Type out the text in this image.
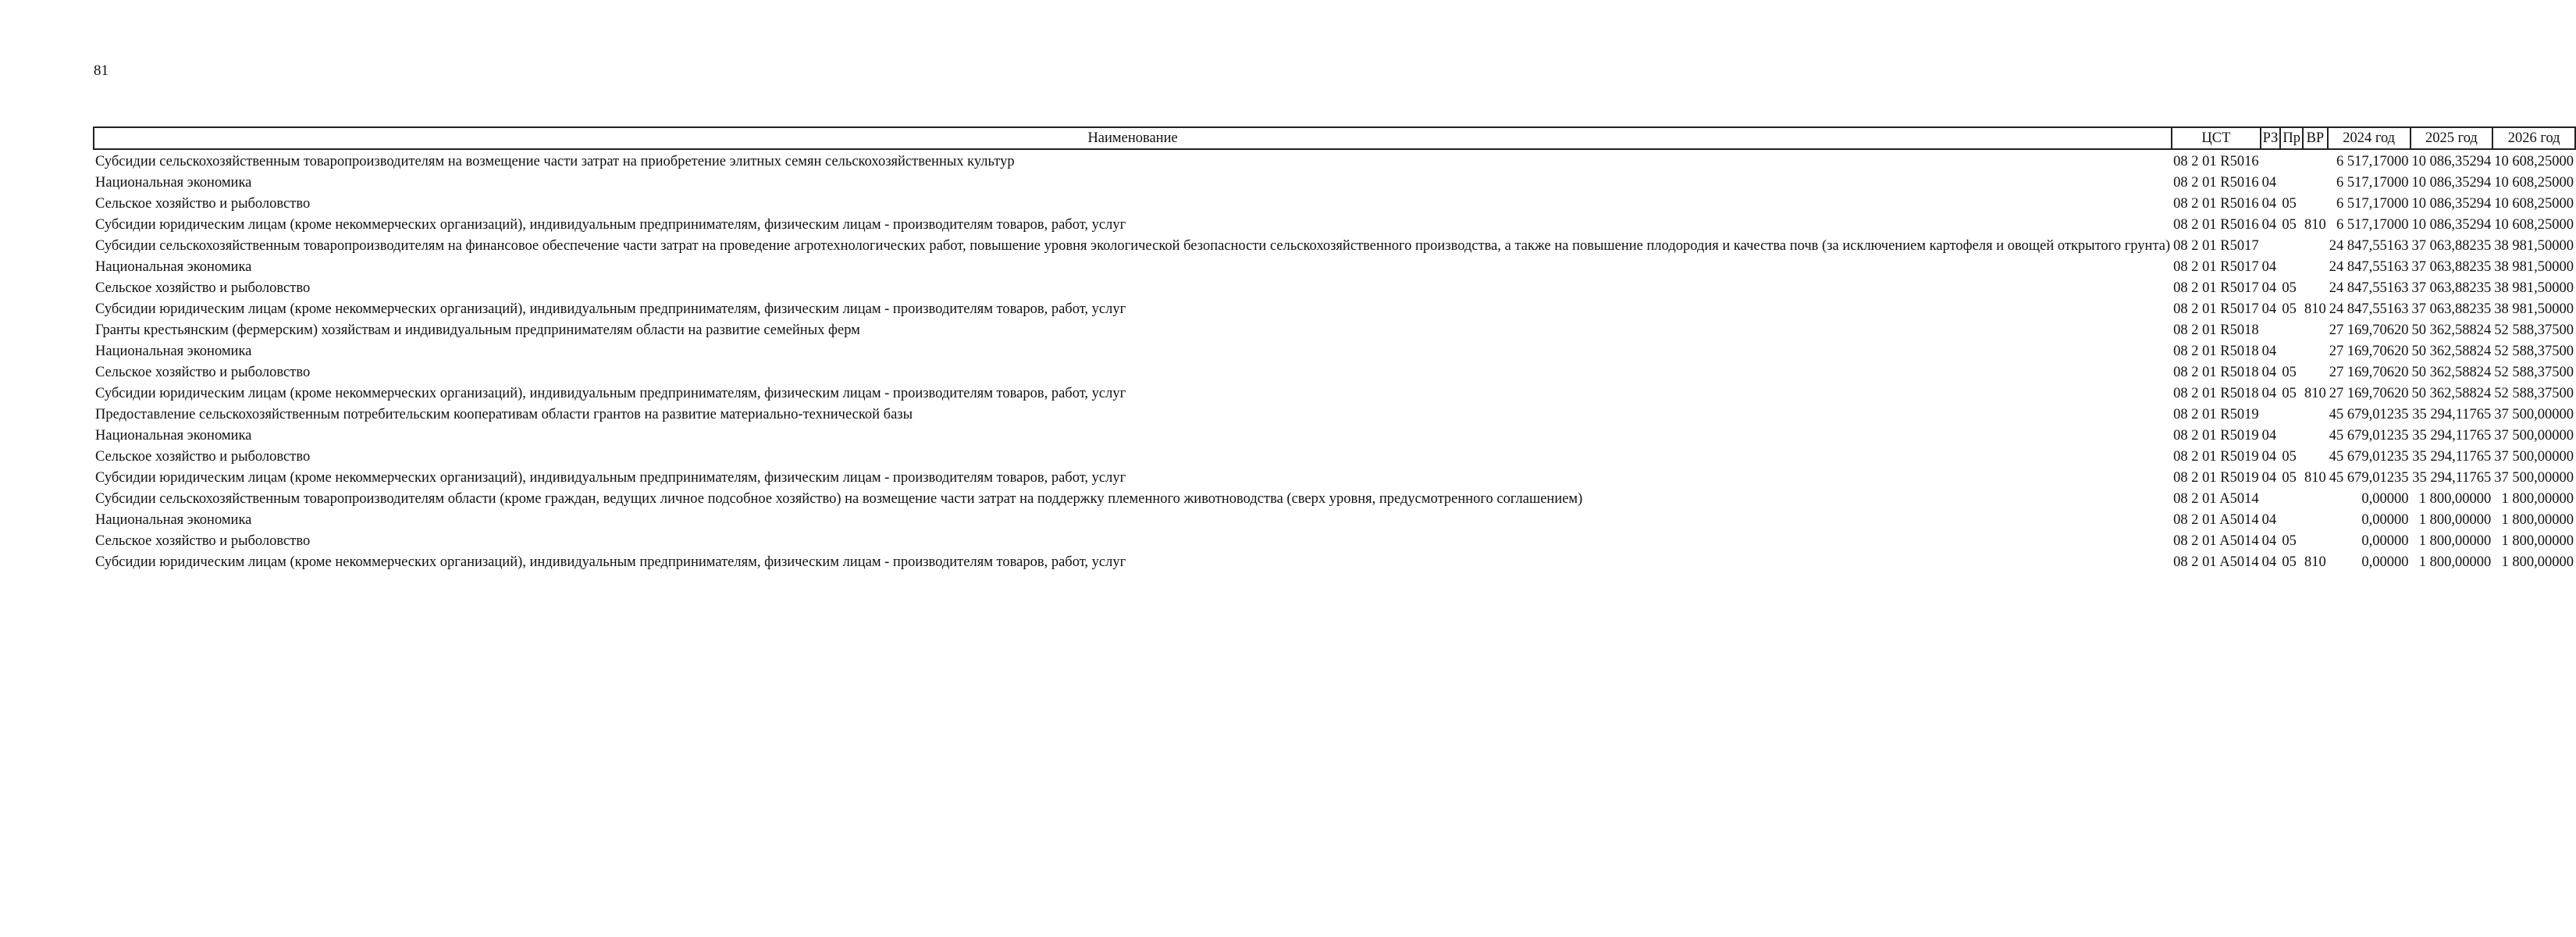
81
Наименование	ЦСТ	РЗ	Пр	ВР	2024 год	2025 год	2026 год
Субсидии сельскохозяйственным товаропроизводителям на возмещение части затрат на приобретение элитных семян сельскохозяйственных культур	08 2 01 R5016				6 517,17000	10 086,35294	10 608,25000
Национальная экономика	08 2 01 R5016	04			6 517,17000	10 086,35294	10 608,25000
Сельское хозяйство и рыболовство	08 2 01 R5016	04	05		6 517,17000	10 086,35294	10 608,25000
Субсидии юридическим лицам (кроме некоммерческих организаций), индивидуальным предпринимателям, физическим лицам - производителям товаров, работ, услуг	08 2 01 R5016	04	05	810	6 517,17000	10 086,35294	10 608,25000
Субсидии сельскохозяйственным товаропроизводителям на финансовое обеспечение части затрат на проведение агротехнологических работ, повышение уровня экологической безопасности сельскохозяйственного производства, а также на повышение плодородия и качества почв (за исключением картофеля и овощей открытого грунта)	08 2 01 R5017				24 847,55163	37 063,88235	38 981,50000
Национальная экономика	08 2 01 R5017	04			24 847,55163	37 063,88235	38 981,50000
Сельское хозяйство и рыболовство	08 2 01 R5017	04	05		24 847,55163	37 063,88235	38 981,50000
Субсидии юридическим лицам (кроме некоммерческих организаций), индивидуальным предпринимателям, физическим лицам - производителям товаров, работ, услуг	08 2 01 R5017	04	05	810	24 847,55163	37 063,88235	38 981,50000
Гранты крестьянским (фермерским) хозяйствам и индивидуальным предпринимателям области на развитие семейных ферм	08 2 01 R5018				27 169,70620	50 362,58824	52 588,37500
Национальная экономика	08 2 01 R5018	04			27 169,70620	50 362,58824	52 588,37500
Сельское хозяйство и рыболовство	08 2 01 R5018	04	05		27 169,70620	50 362,58824	52 588,37500
Субсидии юридическим лицам (кроме некоммерческих организаций), индивидуальным предпринимателям, физическим лицам - производителям товаров, работ, услуг	08 2 01 R5018	04	05	810	27 169,70620	50 362,58824	52 588,37500
Предоставление сельскохозяйственным потребительским кооперативам области грантов на развитие материально-технической базы	08 2 01 R5019				45 679,01235	35 294,11765	37 500,00000
Национальная экономика	08 2 01 R5019	04			45 679,01235	35 294,11765	37 500,00000
Сельское хозяйство и рыболовство	08 2 01 R5019	04	05		45 679,01235	35 294,11765	37 500,00000
Субсидии юридическим лицам (кроме некоммерческих организаций), индивидуальным предпринимателям, физическим лицам - производителям товаров, работ, услуг	08 2 01 R5019	04	05	810	45 679,01235	35 294,11765	37 500,00000
Субсидии сельскохозяйственным товаропроизводителям области (кроме граждан, ведущих личное подсобное хозяйство) на возмещение части затрат на поддержку племенного животноводства (сверх уровня, предусмотренного соглашением)	08 2 01 A5014				0,00000	1 800,00000	1 800,00000
Национальная экономика	08 2 01 A5014	04			0,00000	1 800,00000	1 800,00000
Сельское хозяйство и рыболовство	08 2 01 A5014	04	05		0,00000	1 800,00000	1 800,00000
Субсидии юридическим лицам (кроме некоммерческих организаций), индивидуальным предпринимателям, физическим лицам - производителям товаров, работ, услуг	08 2 01 A5014	04	05	810	0,00000	1 800,00000	1 800,00000
